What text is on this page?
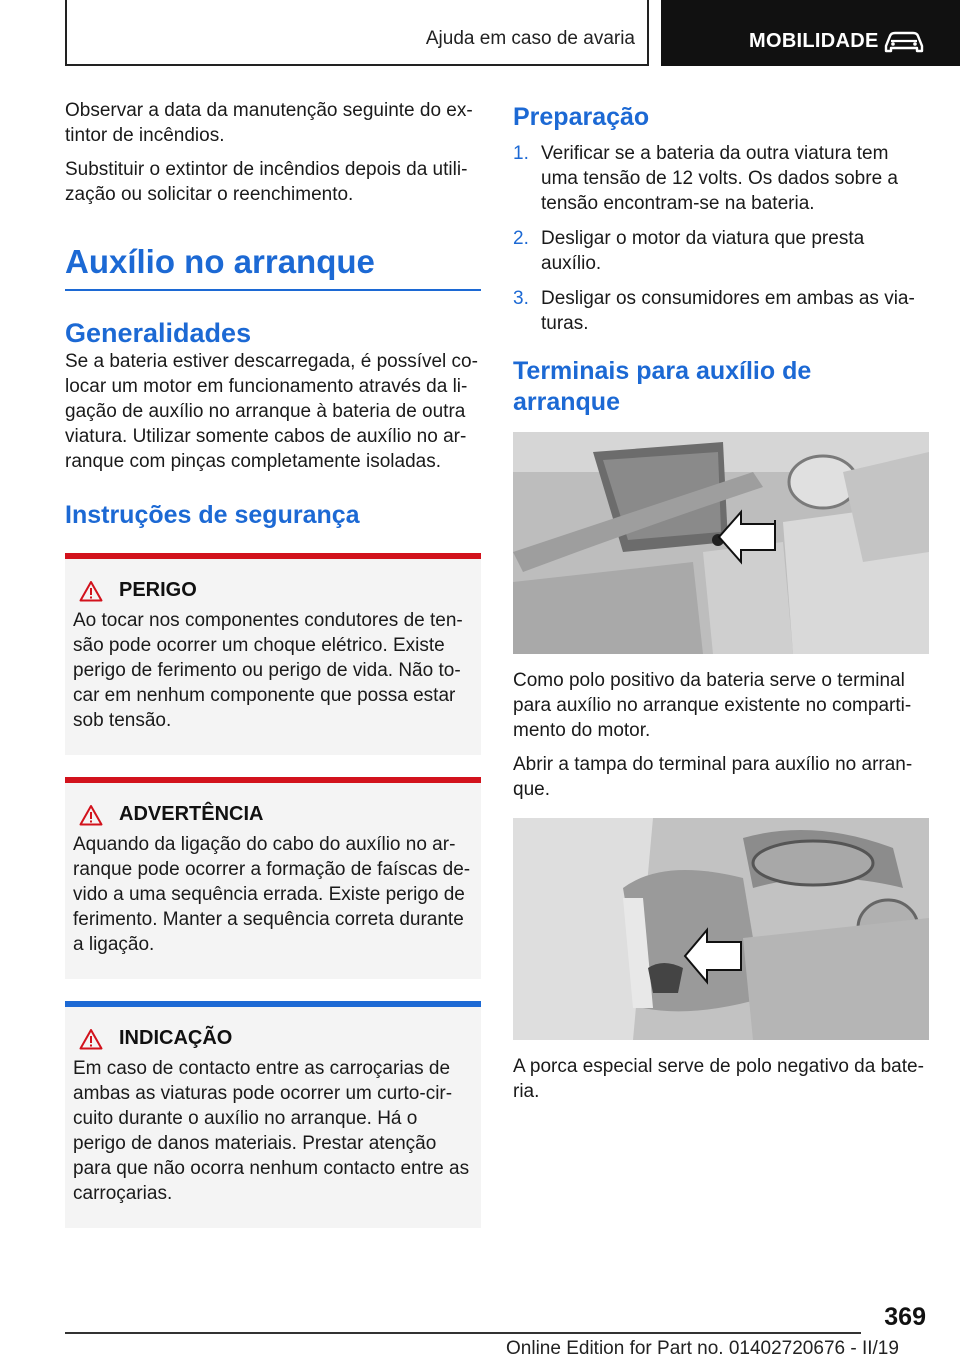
Ajuda em caso de avaria	MOBILIDADE

Observar a data da manutenção seguinte do extintor de incêndios.

Substituir o extintor de incêndios depois da utilização ou solicitar o reenchimento.

Auxílio no arranque
Generalidades

Se a bateria estiver descarregada, é possível colocar um motor em funcionamento através da ligação de auxílio no arranque à bateria de outra viatura. Utilizar somente cabos de auxílio no arranque com pinças completamente isoladas.

Instruções de segurança
PERIGO

Ao tocar nos componentes condutores de tensão pode ocorrer um choque elétrico. Existe perigo de ferimento ou perigo de vida. Não tocar em nenhum componente que possa estar sob tensão.

ADVERTÊNCIA

Aquando da ligação do cabo do auxílio no arranque pode ocorrer a formação de faíscas devido a uma sequência errada. Existe perigo de ferimento. Manter a sequência correta durante a ligação.

INDICAÇÃO

Em caso de contacto entre as carroçarias de ambas as viaturas pode ocorrer um curto-circuito durante o auxílio no arranque. Há o perigo de danos materiais. Prestar atenção para que não ocorra nenhum contacto entre as carroçarias.

Preparação
1. Verificar se a bateria da outra viatura tem uma tensão de 12 volts. Os dados sobre a tensão encontram-se na bateria.
2. Desligar o motor da viatura que presta auxílio.
3. Desligar os consumidores em ambas as viaturas.
Terminais para auxílio de arranque

Como polo positivo da bateria serve o terminal para auxílio no arranque existente no compartimento do motor.

Abrir a tampa do terminal para auxílio no arranque.

A porca especial serve de polo negativo da bateria.

369
Online Edition for Part no. 01402720676 - II/19
